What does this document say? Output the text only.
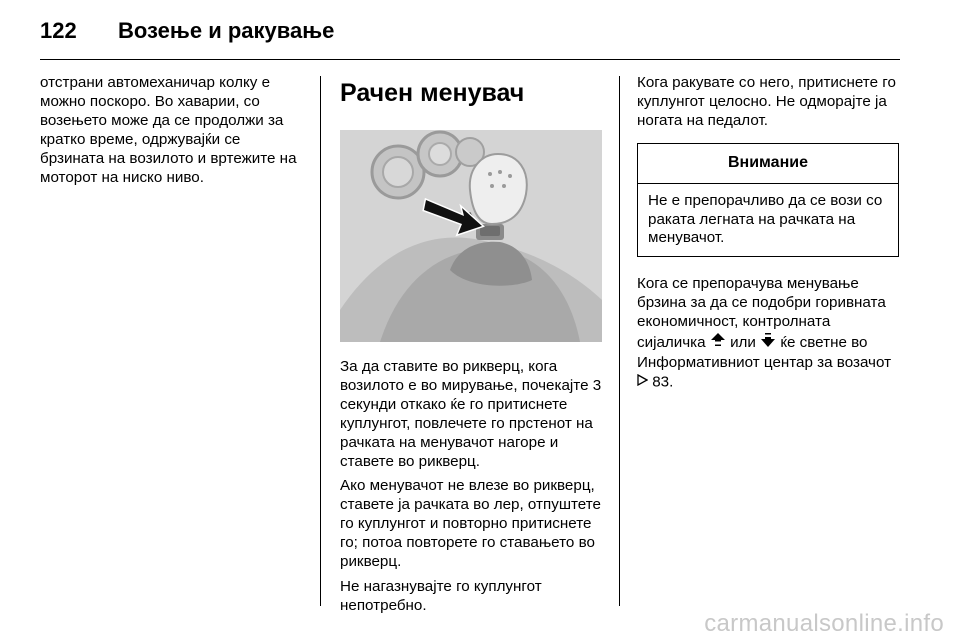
122 Возење и ракување

отстрани автомеханичар колку е можно поскоро. Во хаварии, со возењето може да се продолжи за кратко време, одржувајќи се брзината на возилото и вртежите на моторот на ниско ниво.

Рачен менувач

За да ставите во рикверц, кога возилото е во мирување, почекајте 3 секунди откако ќе го притиснете куплунгот, повлечете го прстенот на рачката на менувачот нагоре и ставете во рикверц.

Ако менувачот не влезе во рикверц, ставете ја рачката во лер, отпуштете го куплунгот и повторно притиснете го; потоа повторете го ставањето во рикверц.

Не нагазнувајте го куплунгот непотребно.

Кога ракувате со него, притиснете го куплунгот целосно. Не одморајте ја ногата на педалот.

Внимание
Не е препорачливо да се вози со раката легната на рачката на менувачот.

Кога се препорачува менување брзина за да се подобри горивната економичност, контролната сијаличка или ќе светне во Информативниот центар за возачот  83.

carmanualsonline.info
